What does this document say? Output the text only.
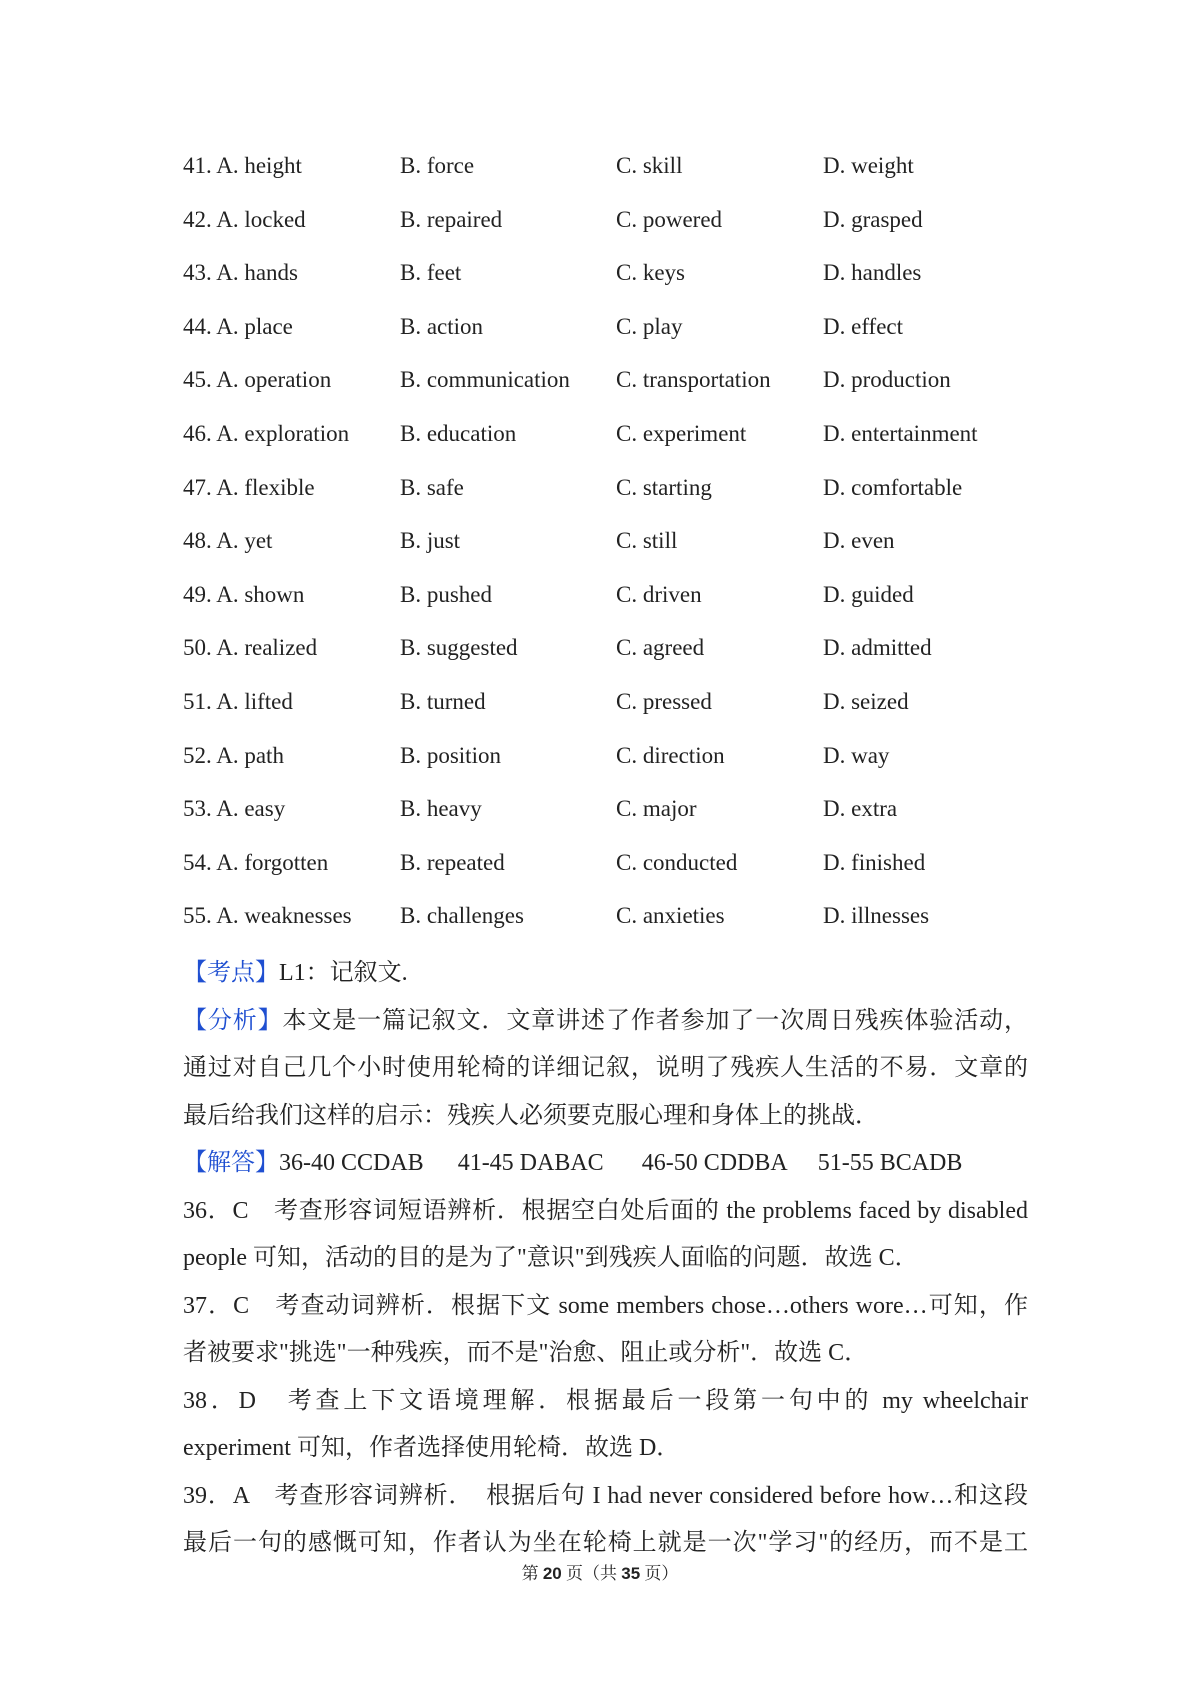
41. A. height	B. force	C. skill	D. weight
42. A. locked	B. repaired	C. powered	D. grasped
43. A. hands	B. feet	C. keys	D. handles
44. A. place	B. action	C. play	D. effect
45. A. operation	B. communication	C. transportation	D. production
46. A. exploration	B. education	C. experiment	D. entertainment
47. A. flexible	B. safe	C. starting	D. comfortable
48. A. yet	B. just	C. still	D. even
49. A. shown	B. pushed	C. driven	D. guided
50. A. realized	B. suggested	C. agreed	D. admitted
51. A. lifted	B. turned	C. pressed	D. seized
52. A. path	B. position	C. direction	D. way
53. A. easy	B. heavy	C. major	D. extra
54. A. forgotten	B. repeated	C. conducted	D. finished
55. A. weaknesses	B. challenges	C. anxieties	D. illnesses
【考点】L1：记叙文.
【分析】本文是一篇记叙文．文章讲述了作者参加了一次周日残疾体验活动，
通过对自己几个小时使用轮椅的详细记叙，说明了残疾人生活的不易．文章的
最后给我们这样的启示：残疾人必须要克服心理和身体上的挑战．
【解答】36-40 CCDAB 41-45 DABAC 46-50 CDDBA 51-55 BCADB
36．C　考查形容词短语辨析．根据空白处后面的 the problems faced by disabled
people 可知，活动的目的是为了"意识"到残疾人面临的问题．故选 C．
37．C　考查动词辨析．根据下文 some members chose…others wore…可知，作
者被要求"挑选"一种残疾，而不是"治愈、阻止或分析"．故选 C．
38．D　考查上下文语境理解．根据最后一段第一句中的 my wheelchair
experiment 可知，作者选择使用轮椅．故选 D．
39．A　考查形容词辨析．　根据后句 I had never considered before how…和这段
最后一句的感慨可知，作者认为坐在轮椅上就是一次"学习"的经历，而不是工
第 20 页（共 35 页）
